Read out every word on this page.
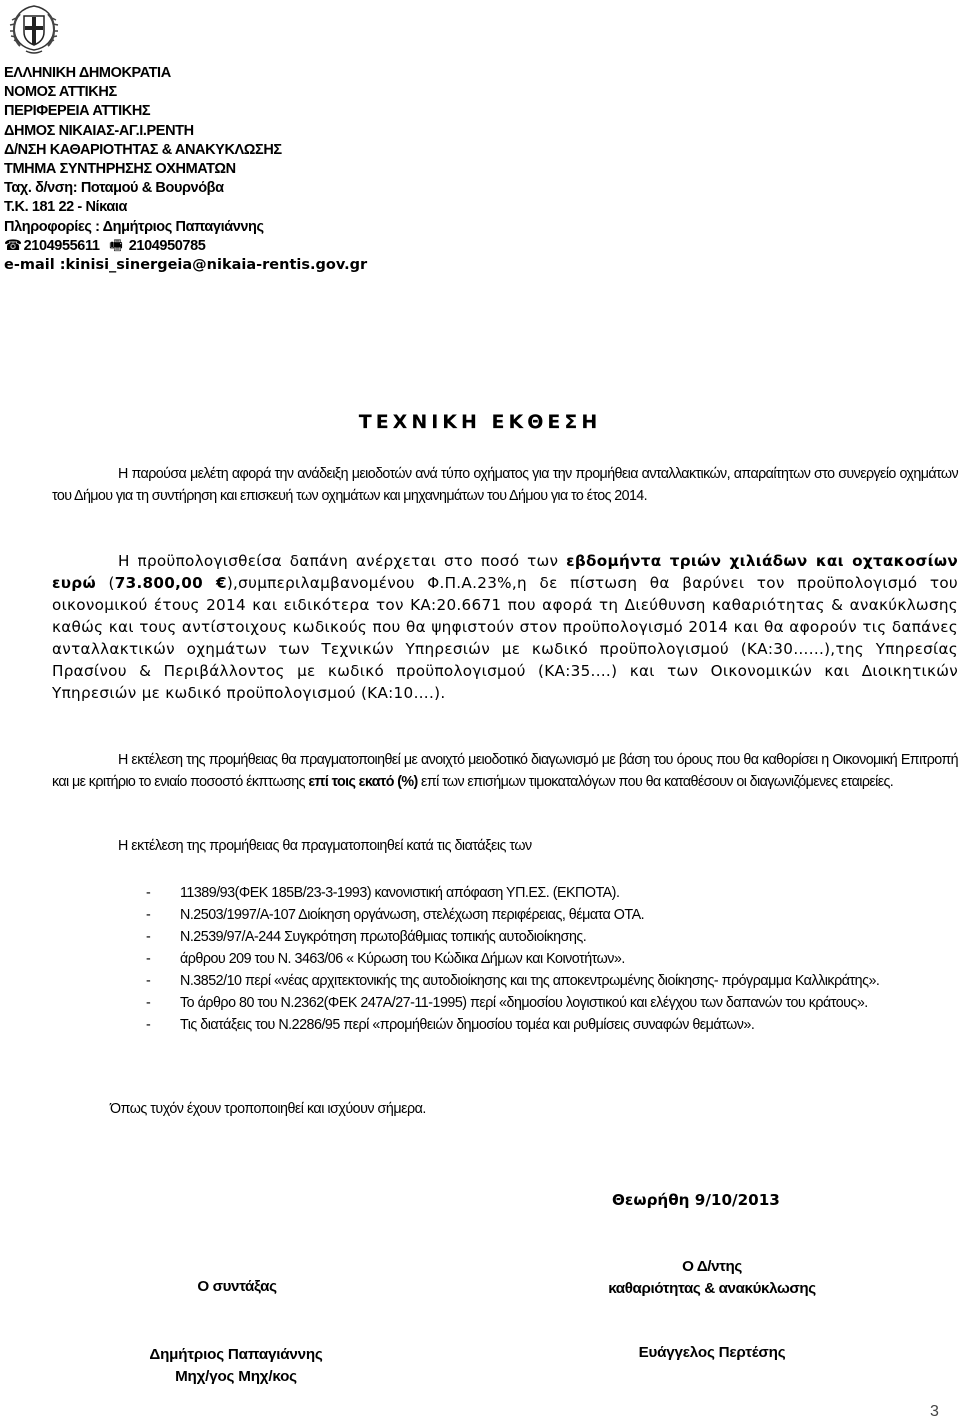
ΕΛΛΗΝΙΚΗ ΔΗΜΟΚΡΑΤΙΑ
ΝΟΜΟΣ ΑΤΤΙΚΗΣ
ΠΕΡΙΦΕΡΕΙΑ ΑΤΤΙΚΗΣ
ΔΗΜΟΣ ΝΙΚΑΙΑΣ-ΑΓ.Ι.ΡΕΝΤΗ
Δ/ΝΣΗ ΚΑΘΑΡΙΟΤΗΤΑΣ & ΑΝΑΚΥΚΛΩΣΗΣ
ΤΜΗΜΑ ΣΥΝΤΗΡΗΣΗΣ ΟΧΗΜΑΤΩΝ
Ταχ. δ/νση: Ποταμού & Βουρνόβα
Τ.Κ. 181 22 - Νίκαια
Πληροφορίες : Δημήτριος Παπαγιάννης
☎ 2104955611 🖷 2104950785
e-mail :kinisi_sinergeia@nikaia-rentis.gov.gr
ΤΕΧΝΙΚΗ ΕΚΘΕΣΗ
Η παρούσα μελέτη αφορά την ανάδειξη μειοδοτών ανά τύπο οχήματος για την προμήθεια ανταλλακτικών, απαραίτητων στο συνεργείο οχημάτων του Δήμου για τη συντήρηση και επισκευή των οχημάτων και μηχανημάτων του Δήμου για το έτος 2014.
Η προϋπολογισθείσα δαπάνη ανέρχεται στο ποσό των εβδομήντα τριών χιλιάδων και οχτακοσίων ευρώ (73.800,00 €),συμπεριλαμβανομένου Φ.Π.Α.23%,η δε πίστωση θα βαρύνει τον προϋπολογισμό του οικονομικού έτους 2014 και ειδικότερα τον ΚΑ:20.6671 που αφορά τη Διεύθυνση καθαριότητας & ανακύκλωσης καθώς και τους αντίστοιχους κωδικούς που θα ψηφιστούν στον προϋπολογισμό 2014 και θα αφορούν τις δαπάνες ανταλλακτικών οχημάτων των Τεχνικών Υπηρεσιών με κωδικό προϋπολογισμού (ΚΑ:30…...),της Υπηρεσίας Πρασίνου & Περιβάλλοντος με κωδικό προϋπολογισμού (ΚΑ:35.…) και των Οικονομικών και Διοικητικών Υπηρεσιών με κωδικό προϋπολογισμού (ΚΑ:10….).
Η εκτέλεση της προμήθειας θα πραγματοποιηθεί με ανοιχτό μειοδοτικό διαγωνισμό με βάση του όρους που θα καθορίσει η Οικονομική Επιτροπή και με κριτήριο το ενιαίο ποσοστό έκπτωσης επί τοις εκατό (%) επί των επισήμων τιμοκαταλόγων που θα καταθέσουν οι διαγωνιζόμενες εταιρείες.
Η εκτέλεση της προμήθειας θα πραγματοποιηθεί κατά τις διατάξεις των
- 11389/93(ΦΕΚ 185Β/23-3-1993) κανονιστική απόφαση ΥΠ.ΕΣ. (ΕΚΠΟΤΑ).
- Ν.2503/1997/Α-107 Διοίκηση οργάνωση, στελέχωση περιφέρειας, θέματα ΟΤΑ.
- Ν.2539/97/Α-244 Συγκρότηση πρωτοβάθμιας τοπικής αυτοδιοίκησης.
- άρθρου 209 του Ν. 3463/06 « Κύρωση του Κώδικα Δήμων και Κοινοτήτων».
- Ν.3852/10 περί «νέας αρχιτεκτονικής της αυτοδιοίκησης και της αποκεντρωμένης διοίκησης- πρόγραμμα Καλλικράτης».
- Το άρθρο 80 του Ν.2362(ΦΕΚ 247Α/27-11-1995) περί «δημοσίου λογιστικού και ελέγχου των δαπανών του κράτους».
- Τις διατάξεις του Ν.2286/95 περί «προμήθειών δημοσίου τομέα και ρυθμίσεις συναφών θεμάτων».
Όπως τυχόν έχουν τροποποιηθεί και ισχύουν σήμερα.
Θεωρήθη 9/10/2013
Ο Δ/ντης
καθαριότητας & ανακύκλωσης
Ο συντάξας
Δημήτριος Παπαγιάννης
Μηχ/γος Μηχ/κος
Ευάγγελος Περτέσης
3
